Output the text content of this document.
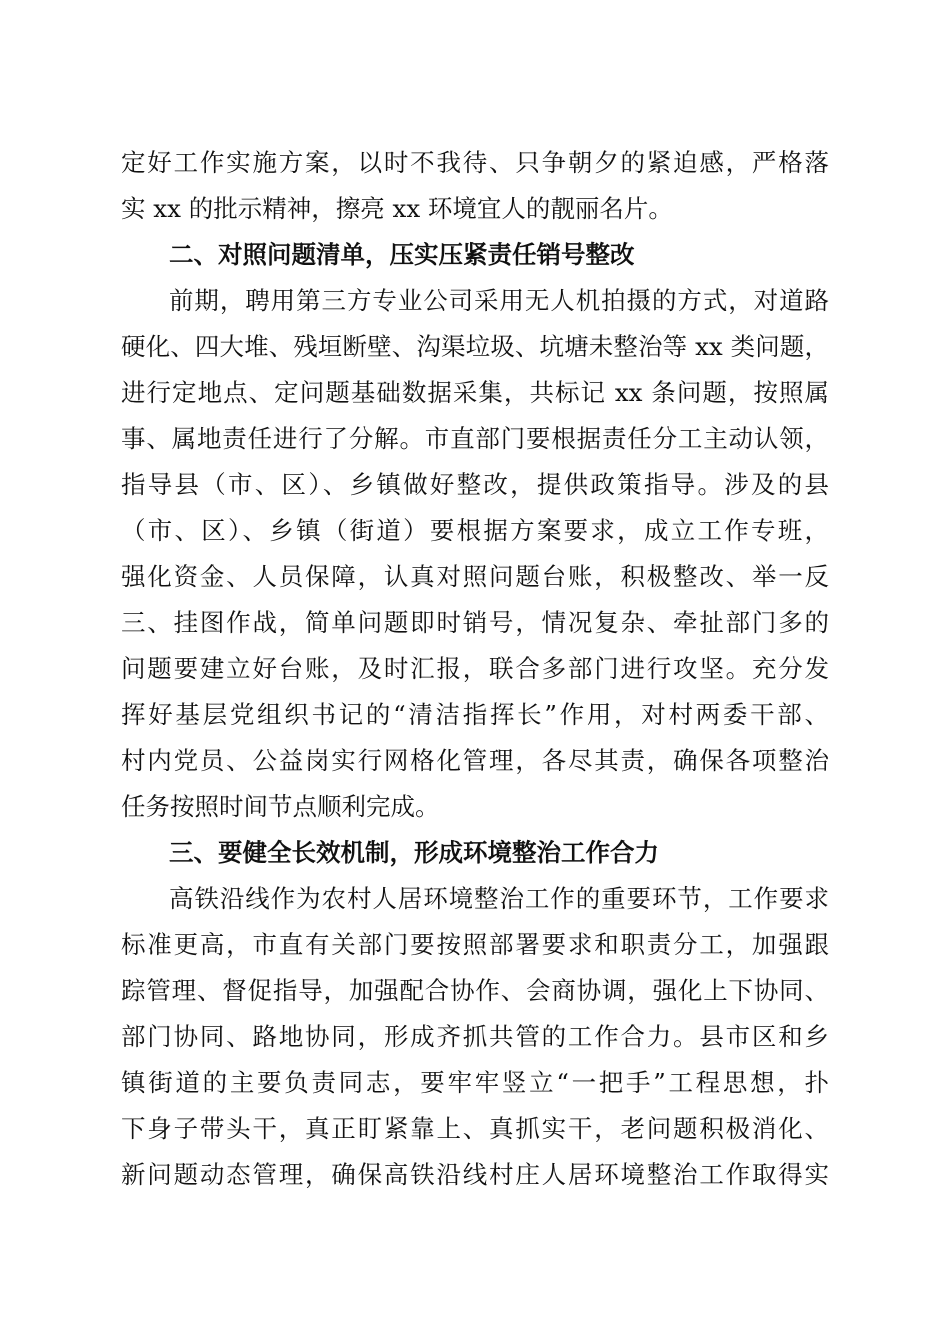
定好工作实施方案，以时不我待、只争朝夕的紧迫感，严格落
实 xx 的批示精神，擦亮 xx 环境宜人的靓丽名片。
二、对照问题清单，压实压紧责任销号整改
前期，聘用第三方专业公司采用无人机拍摄的方式，对道路
硬化、四大堆、残垣断壁、沟渠垃圾、坑塘未整治等 xx 类问题，
进行定地点、定问题基础数据采集，共标记 xx 条问题，按照属
事、属地责任进行了分解。市直部门要根据责任分工主动认领，
指导县（市、区）、乡镇做好整改，提供政策指导。涉及的县
（市、区）、乡镇（街道）要根据方案要求，成立工作专班，
强化资金、人员保障，认真对照问题台账，积极整改、举一反
三、挂图作战，简单问题即时销号，情况复杂、牵扯部门多的
问题要建立好台账，及时汇报，联合多部门进行攻坚。充分发
挥好基层党组织书记的“清洁指挥长”作用，对村两委干部、
村内党员、公益岗实行网格化管理，各尽其责，确保各项整治
任务按照时间节点顺利完成。
三、要健全长效机制，形成环境整治工作合力
高铁沿线作为农村人居环境整治工作的重要环节，工作要求
标准更高，市直有关部门要按照部署要求和职责分工，加强跟
踪管理、督促指导，加强配合协作、会商协调，强化上下协同、
部门协同、路地协同，形成齐抓共管的工作合力。县市区和乡
镇街道的主要负责同志，要牢牢竖立“一把手”工程思想，扑
下身子带头干，真正盯紧靠上、真抓实干，老问题积极消化、
新问题动态管理，确保高铁沿线村庄人居环境整治工作取得实
